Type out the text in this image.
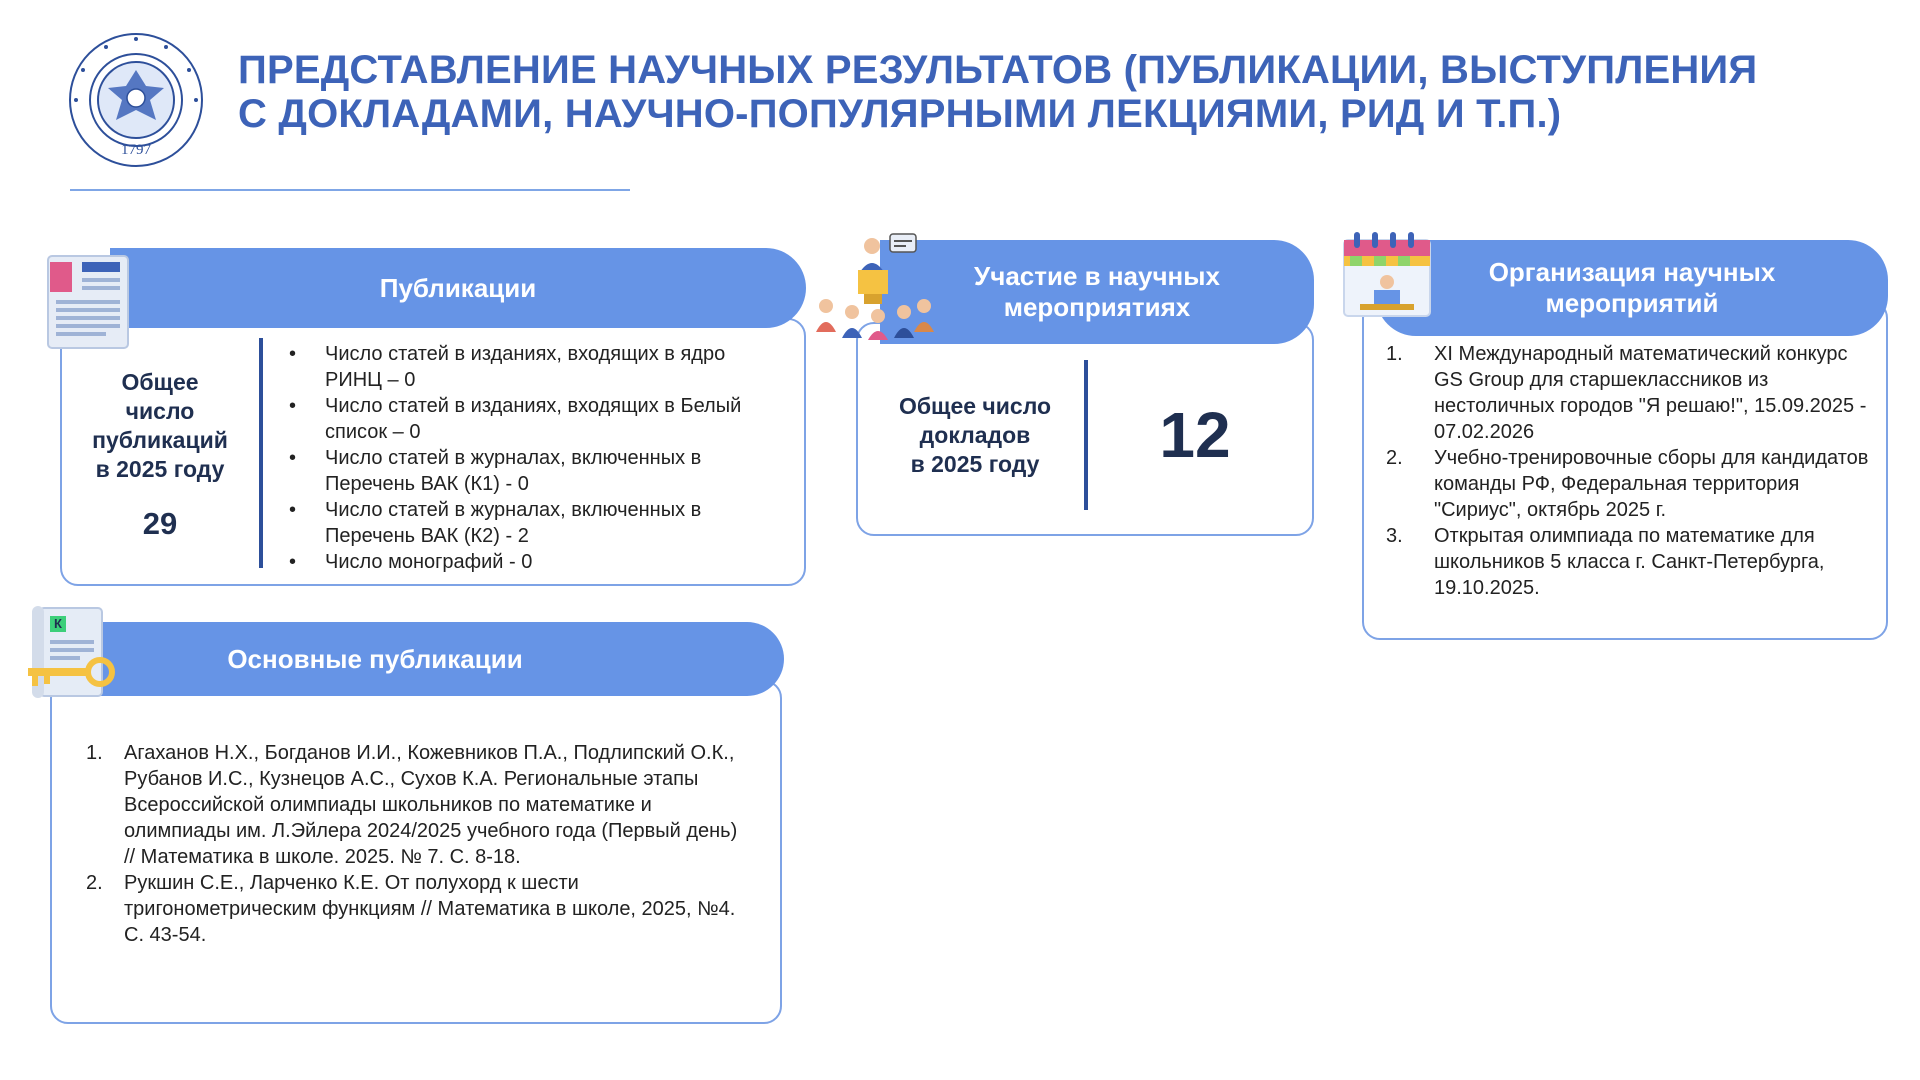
1797
ПРЕДСТАВЛЕНИЕ НАУЧНЫХ РЕЗУЛЬТАТОВ (ПУБЛИКАЦИИ, ВЫСТУПЛЕНИЯ
С ДОКЛАДАМИ, НАУЧНО-ПОПУЛЯРНЫМИ ЛЕКЦИЯМИ, РИД И Т.П.)
Публикации
Общее
число
публикаций
в 2025 году
29
• Число статей в изданиях, входящих в ядро РИНЦ – 0
• Число статей в изданиях, входящих в Белый список – 0
• Число статей в журналах, включенных в Перечень ВАК (К1) - 0
• Число статей в журналах, включенных в Перечень ВАК (К2) - 2
• Число монографий - 0
Участие в научных
мероприятиях
Общее число
докладов
в 2025 году	12
Организация научных
мероприятий
1. XI Международный математический конкурс GS Group для старшеклассников из нестоличных городов "Я решаю!", 15.09.2025 - 07.02.2026
2. Учебно-тренировочные сборы для кандидатов команды РФ, Федеральная территория "Сириус", октябрь 2025 г.
3. Открытая олимпиада по математике для школьников 5 класса г. Санкт-Петербурга, 19.10.2025.
Основные публикации
К
1. Агаханов Н.Х., Богданов И.И., Кожевников П.А., Подлипский О.К., Рубанов И.С., Кузнецов А.С., Сухов К.А. Региональные этапы Всероссийской олимпиады школьников по математике и олимпиады им. Л.Эйлера 2024/2025 учебного года (Первый день) // Математика в школе. 2025. № 7. С. 8-18.
2. Рукшин С.Е., Ларченко К.Е. От полухорд к шести тригонометрическим функциям // Математика в школе, 2025, №4. С. 43-54.
